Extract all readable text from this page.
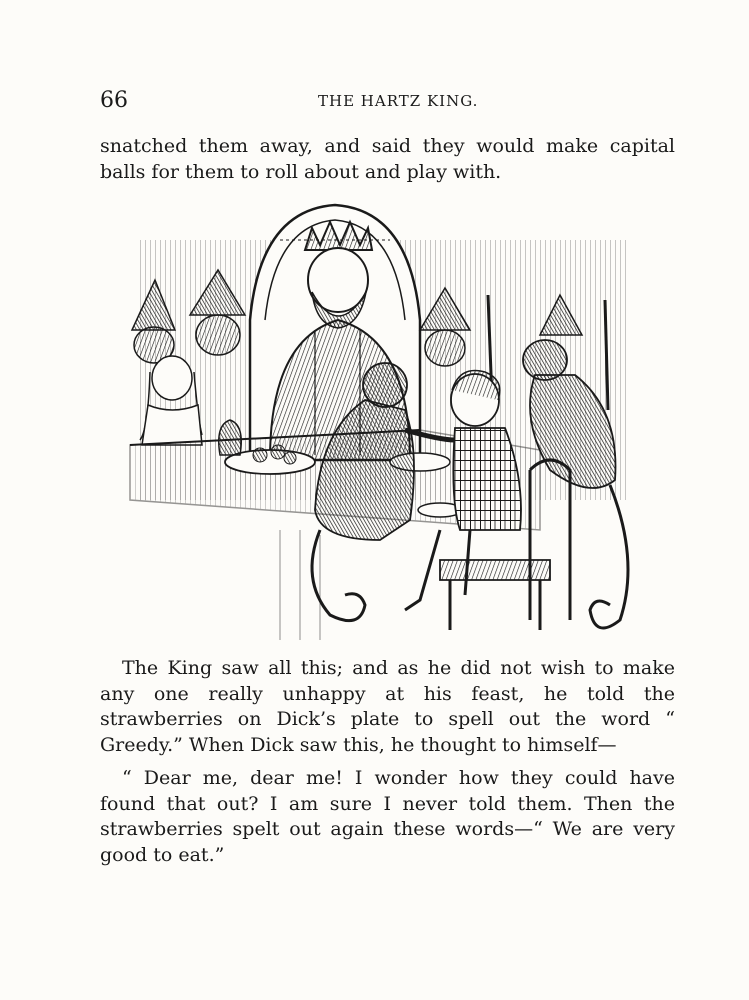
66	THE HARTZ KING.

snatched them away, and said they would make capital balls for them to roll about and play with.

The King saw all this; and as he did not wish to make any one really unhappy at his feast, he told the strawberries on Dick’s plate to spell out the word “ Greedy.” When Dick saw this, he thought to himself—

“ Dear me, dear me! I wonder how they could have found that out? I am sure I never told them. Then the strawberries spelt out again these words—“ We are very good to eat.”
